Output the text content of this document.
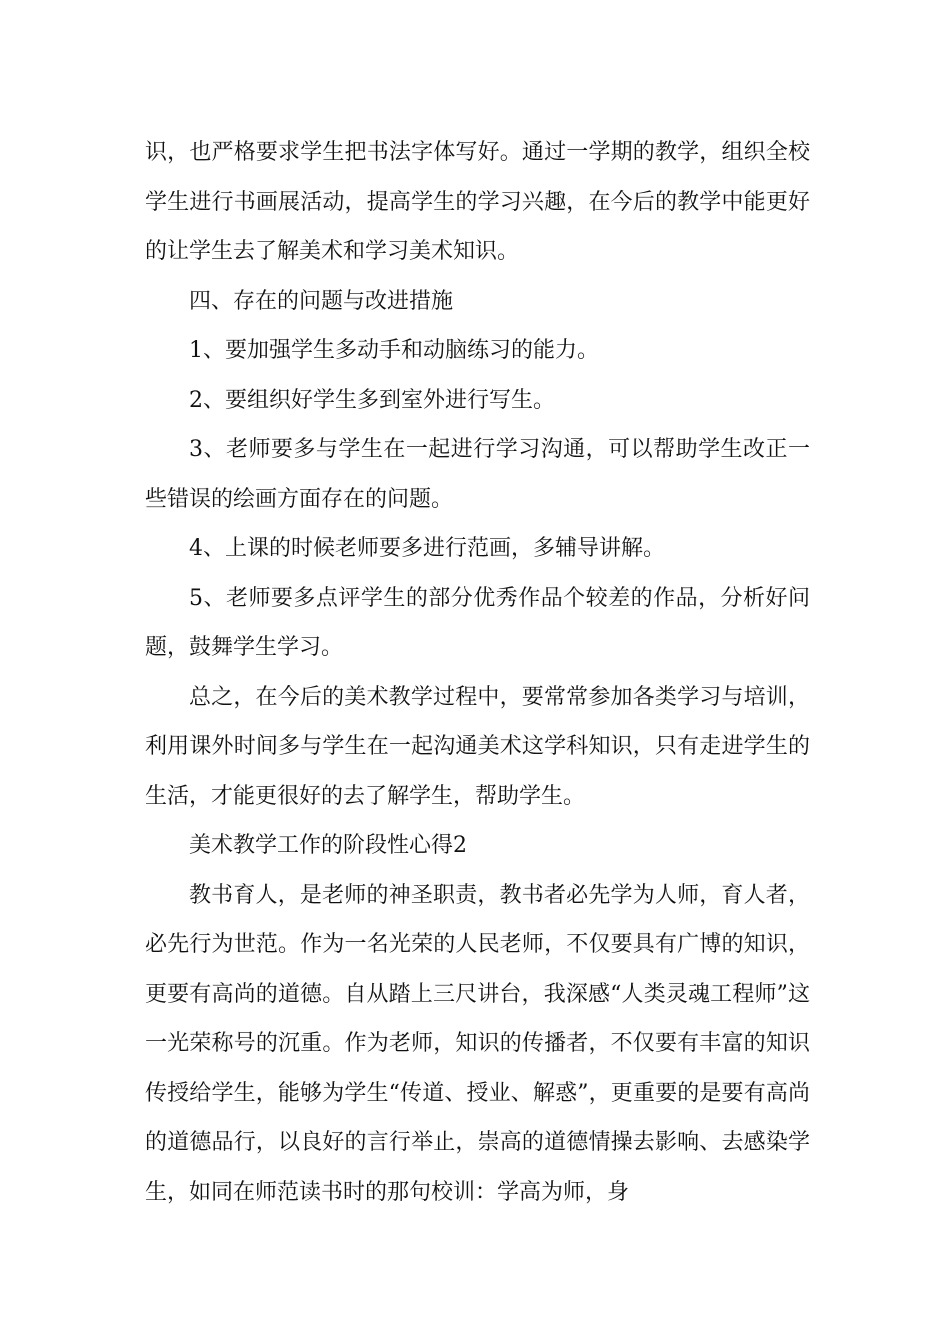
识，也严格要求学生把书法字体写好。通过一学期的教学，组织全校学生进行书画展活动，提高学生的学习兴趣，在今后的教学中能更好的让学生去了解美术和学习美术知识。

四、存在的问题与改进措施

1、要加强学生多动手和动脑练习的能力。

2、要组织好学生多到室外进行写生。

3、老师要多与学生在一起进行学习沟通，可以帮助学生改正一些错误的绘画方面存在的问题。

4、上课的时候老师要多进行范画，多辅导讲解。

5、老师要多点评学生的部分优秀作品个较差的作品，分析好问题，鼓舞学生学习。

总之，在今后的美术教学过程中，要常常参加各类学习与培训，利用课外时间多与学生在一起沟通美术这学科知识，只有走进学生的生活，才能更很好的去了解学生，帮助学生。

美术教学工作的阶段性心得2

教书育人，是老师的神圣职责，教书者必先学为人师，育人者，必先行为世范。作为一名光荣的人民老师，不仅要具有广博的知识，更要有高尚的道德。自从踏上三尺讲台，我深感“人类灵魂工程师”这一光荣称号的沉重。作为老师，知识的传播者，不仅要有丰富的知识传授给学生，能够为学生“传道、授业、解惑”，更重要的是要有高尚的道德品行，以良好的言行举止，崇高的道德情操去影响、去感染学生，如同在师范读书时的那句校训：学高为师，身
